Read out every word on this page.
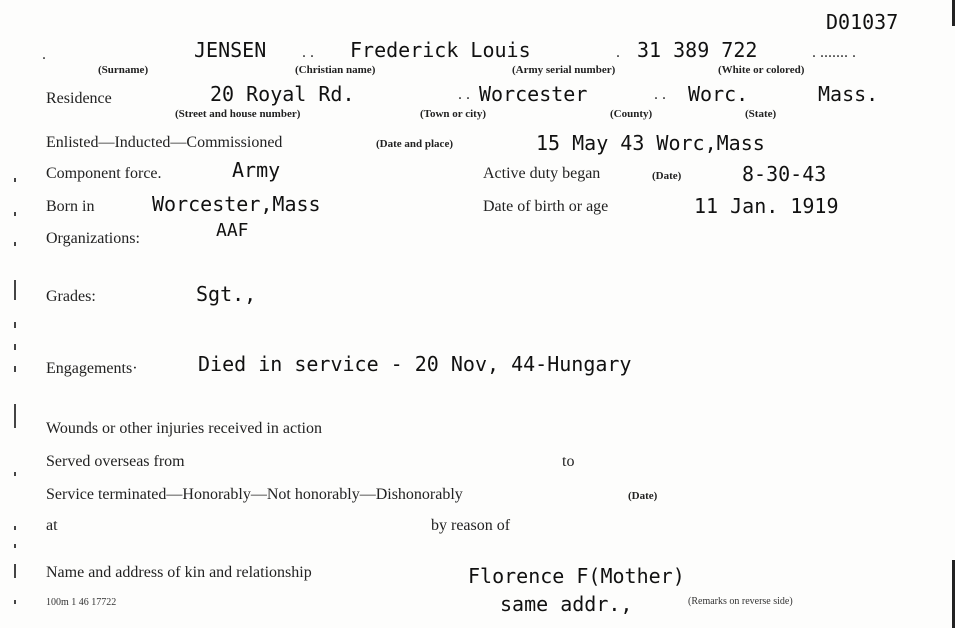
D01037
.	JENSEN . . Frederick Louis	. 31 389 722	. ....... .
(Surname)	(Christian name)	(Army serial number)	(White or colored)
Residence	20 Royal Rd.	. . Worcester	. . Worc.	Mass.
(Street and house number)	(Town or city)	(County)	(State)
Enlisted—Inducted—Commissioned	(Date and place)	15 May 43 Worc,Mass
Component force.	Army	Active duty began	(Date)	8-30-43
Born in	Worcester,Mass	Date of birth or age	11 Jan. 1919
Organizations:	AAF
Grades:	Sgt.,
Engagements·	Died in service - 20 Nov, 44-Hungary
Wounds or other injuries received in action
Served overseas from	to
Service terminated—Honorably—Not honorably—Dishonorably	(Date)
at	by reason of
Name and address of kin and relationship	Florence F(Mother)
same addr.,	(Remarks on reverse side)
100m 1 46 17722
